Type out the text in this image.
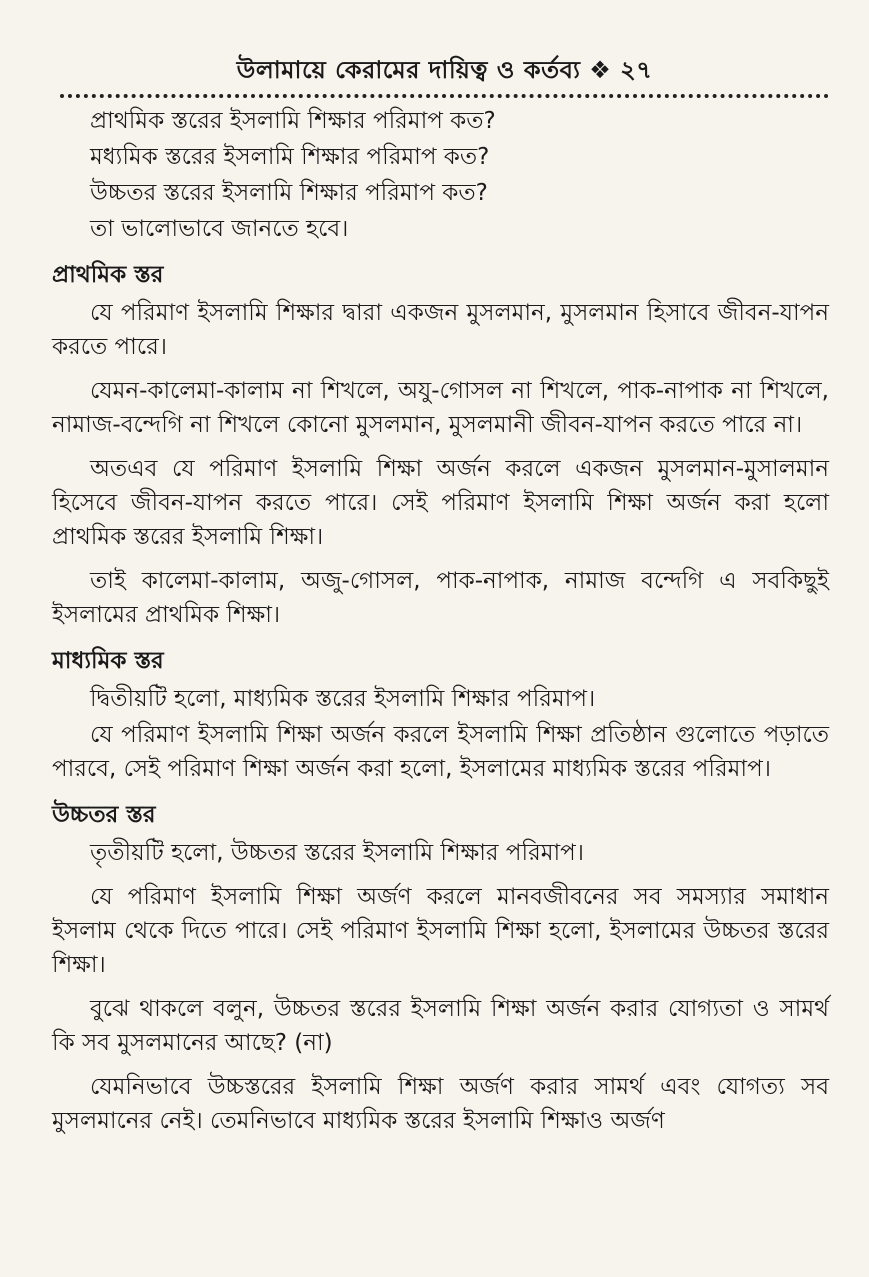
উলামায়ে কেরামের দায়িত্ব ও কর্তব্য ❖ ২৭

প্রাথমিক স্তরের ইসলামি শিক্ষার পরিমাপ কত?

মধ্যমিক স্তরের ইসলামি শিক্ষার পরিমাপ কত?

উচ্চতর স্তরের ইসলামি শিক্ষার পরিমাপ কত?

তা ভালোভাবে জানতে হবে।

প্রাথমিক স্তর

যে পরিমাণ ইসলামি শিক্ষার দ্বারা একজন মুসলমান, মুসলমান হিসাবে জীবন-যাপন করতে পারে।

যেমন-কালেমা-কালাম না শিখলে, অযু-গোসল না শিখলে, পাক-নাপাক না শিখলে, নামাজ-বন্দেগি না শিখলে কোনো মুসলমান, মুসলমানী জীবন-যাপন করতে পারে না।

অতএব যে পরিমাণ ইসলামি শিক্ষা অর্জন করলে একজন মুসলমান-মুসালমান হিসেবে জীবন-যাপন করতে পারে। সেই পরিমাণ ইসলামি শিক্ষা অর্জন করা হলো প্রাথমিক স্তরের ইসলামি শিক্ষা।

তাই কালেমা-কালাম, অজু-গোসল, পাক-নাপাক, নামাজ বন্দেগি এ সবকিছুই ইসলামের প্রাথমিক শিক্ষা।

মাধ্যমিক স্তর

দ্বিতীয়টি হলো, মাধ্যমিক স্তরের ইসলামি শিক্ষার পরিমাপ।

যে পরিমাণ ইসলামি শিক্ষা অর্জন করলে ইসলামি শিক্ষা প্রতিষ্ঠান গুলোতে পড়াতে পারবে, সেই পরিমাণ শিক্ষা অর্জন করা হলো, ইসলামের মাধ্যমিক স্তরের পরিমাপ।

উচ্চতর স্তর

তৃতীয়টি হলো, উচ্চতর স্তরের ইসলামি শিক্ষার পরিমাপ।

যে পরিমাণ ইসলামি শিক্ষা অর্জণ করলে মানবজীবনের সব সমস্যার সমাধান ইসলাম থেকে দিতে পারে। সেই পরিমাণ ইসলামি শিক্ষা হলো, ইসলামের উচ্চতর স্তরের শিক্ষা।

বুঝে থাকলে বলুন, উচ্চতর স্তরের ইসলামি শিক্ষা অর্জন করার যোগ্যতা ও সামর্থ কি সব মুসলমানের আছে? (না)

যেমনিভাবে উচ্চস্তরের ইসলামি শিক্ষা অর্জণ করার সামর্থ এবং যোগত্য সব মুসলমানের নেই। তেমনিভাবে মাধ্যমিক স্তরের ইসলামি শিক্ষাও অর্জণ
